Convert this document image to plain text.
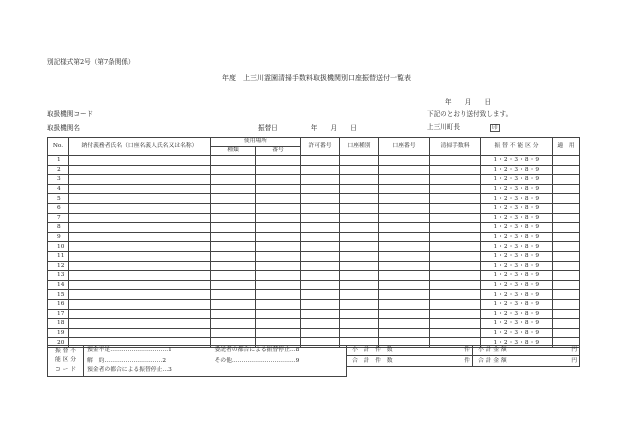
別記様式第2号（第7条関係）
年度　上三川霊園清掃手数料取扱機関別口座振替送付一覧表
年　　月　　日
取扱機関コード	下記のとおり送付致します。
取扱機関名	振替日　　　　　年　　月　　日	上三川町長	印
No.	納付義務者氏名（口座名義人氏名又は名称）	使用場所		許可番号	口座種別	口座番号	清掃手数料	振 替 不 能 区 分	適　用
		種類	番号						
1								1・2・3・8・9	
2								1・2・3・8・9	
3								1・2・3・8・9	
4								1・2・3・8・9	
5								1・2・3・8・9	
6								1・2・3・8・9	
7								1・2・3・8・9	
8								1・2・3・8・9	
9								1・2・3・8・9	
10								1・2・3・8・9	
11								1・2・3・8・9	
12								1・2・3・8・9	
13								1・2・3・8・9	
14								1・2・3・8・9	
15								1・2・3・8・9	
16								1・2・3・8・9	
17								1・2・3・8・9	
18								1・2・3・8・9	
19								1・2・3・8・9	
20								1・2・3・8・9	
振 替 不
能 区 分
コ ー ド	預金不足…………………………1	委託者の都合による振替停止…8	小　計　件　数 件	小 計 金 額 円

	解　約…………………………2	その他……………………………9	合　計　件　数 件	合 計 金 額 円

	預金者の都合による振替停止…3			
